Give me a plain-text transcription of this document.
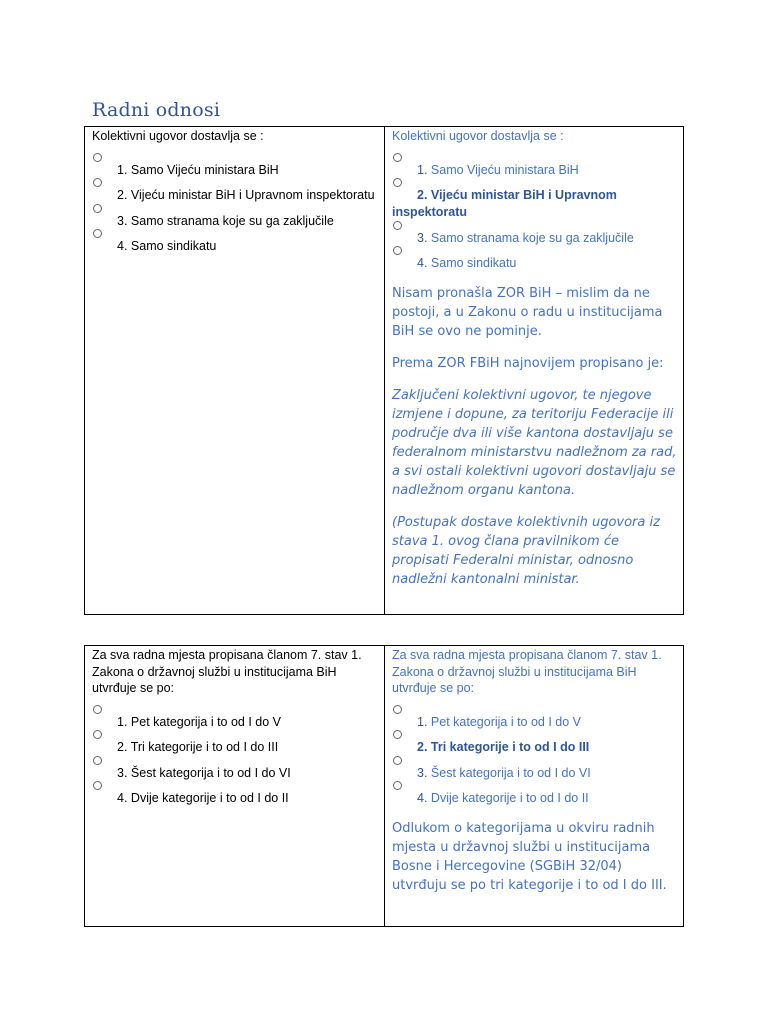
Radni odnosi

Kolektivni ugovor dostavlja se :

1. Samo Vijeću ministara BiH
2. Vijeću ministar BiH i Upravnom inspektoratu
3. Samo stranama koje su ga zaključile
4. Samo sindikatu

Kolektivni ugovor dostavlja se :

1. Samo Vijeću ministara BiH
2. Vijeću ministar BiH i Upravnom inspektoratu
3. Samo stranama koje su ga zaključile
4. Samo sindikatu

Nisam pronašla ZOR BiH – mislim da ne postoji, a u Zakonu o radu u institucijama BiH se ovo ne pominje.

Prema ZOR FBiH najnovijem propisano je:

Zaključeni kolektivni ugovor, te njegove izmjene i dopune, za teritoriju Federacije ili područje dva ili više kantona dostavljaju se federalnom ministarstvu nadležnom za rad, a svi ostali kolektivni ugovori dostavljaju se nadležnom organu kantona.

(Postupak dostave kolektivnih ugovora iz stava 1. ovog člana pravilnikom će propisati Federalni ministar, odnosno nadležni kantonalni ministar.

Za sva radna mjesta propisana članom 7. stav 1. Zakona o državnoj službi u institucijama BiH utvrđuje se po:

1. Pet kategorija i to od I do V
2. Tri kategorije i to od I do III
3. Šest kategorija i to od I do VI
4. Dvije kategorije i to od I do II

Za sva radna mjesta propisana članom 7. stav 1. Zakona o državnoj službi u institucijama BiH utvrđuje se po:

1. Pet kategorija i to od I do V
2. Tri kategorije i to od I do III
3. Šest kategorija i to od I do VI
4. Dvije kategorije i to od I do II

Odlukom o kategorijama u okviru radnih mjesta u državnoj službi u institucijama Bosne i Hercegovine (SGBiH 32/04) utvrđuju se po tri kategorije i to od I do III.
